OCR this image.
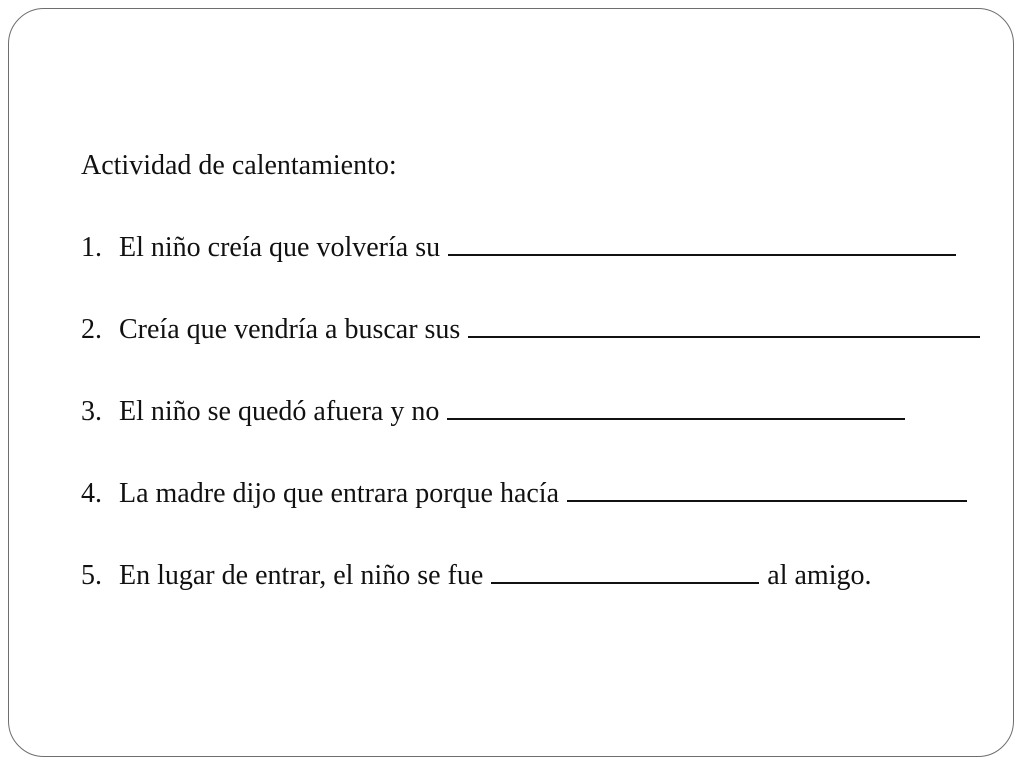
Actividad de calentamiento:
1. El niño creía que volvería su
2. Creía que vendría a buscar sus
3. El niño se quedó afuera y no
4. La madre dijo que entrara porque hacía
5. En lugar de entrar, el niño se fue	al amigo.
